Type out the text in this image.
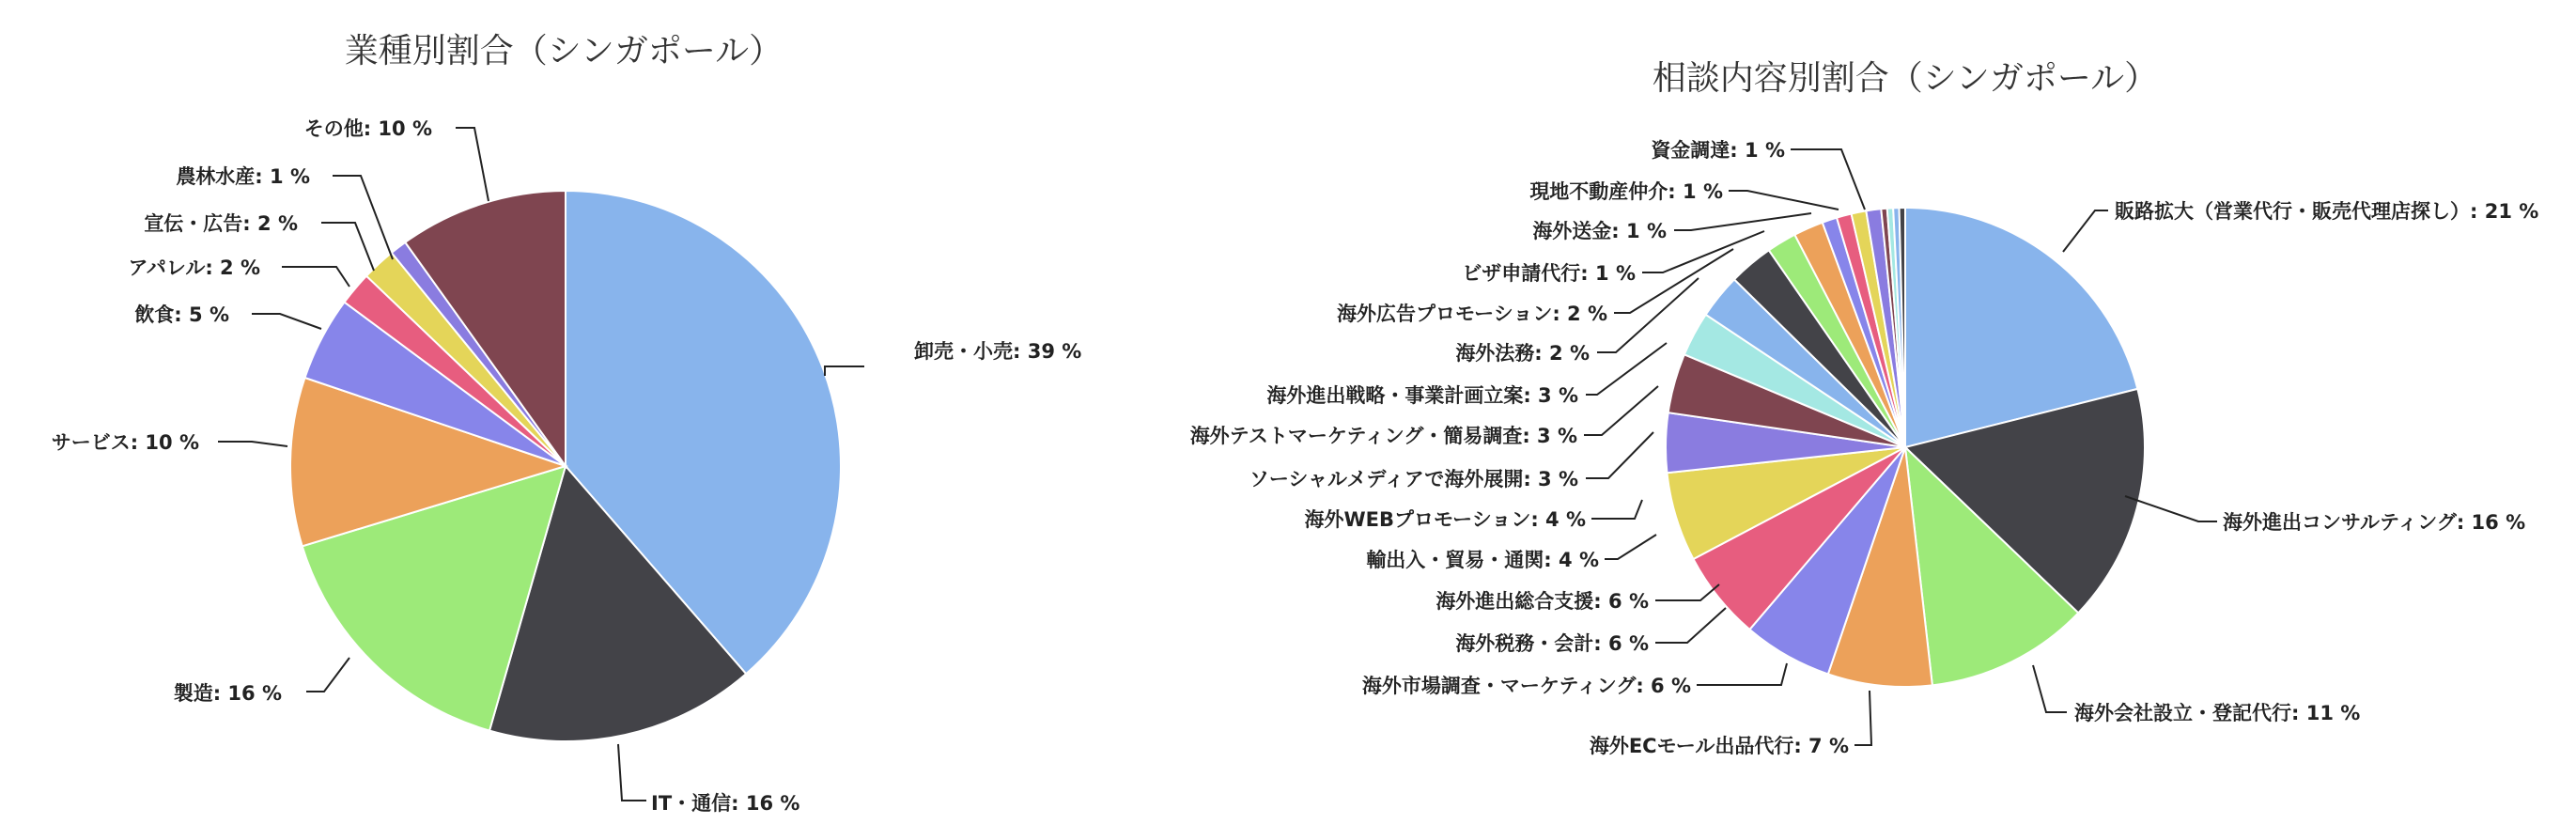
業種別割合（シンガポール）
卸売・小売: 39 %
IT・通信: 16 %
製造: 16 %
サービス: 10 %
飲食: 5 %
アパレル: 2 %
宣伝・広告: 2 %
農林水産: 1 %
その他: 10 %
相談内容別割合（シンガポール）
販路拡大（営業代行・販売代理店探し）: 21 %
海外進出コンサルティング: 16 %
海外会社設立・登記代行: 11 %
海外ECモール出品代行: 7 %
海外市場調査・マーケティング: 6 %
海外税務・会計: 6 %
海外進出総合支援: 6 %
輸出入・貿易・通関: 4 %
海外WEBプロモーション: 4 %
ソーシャルメディアで海外展開: 3 %
海外テストマーケティング・簡易調査: 3 %
海外進出戦略・事業計画立案: 3 %
海外法務: 2 %
海外広告プロモーション: 2 %
ビザ申請代行: 1 %
海外送金: 1 %
現地不動産仲介: 1 %
資金調達: 1 %
